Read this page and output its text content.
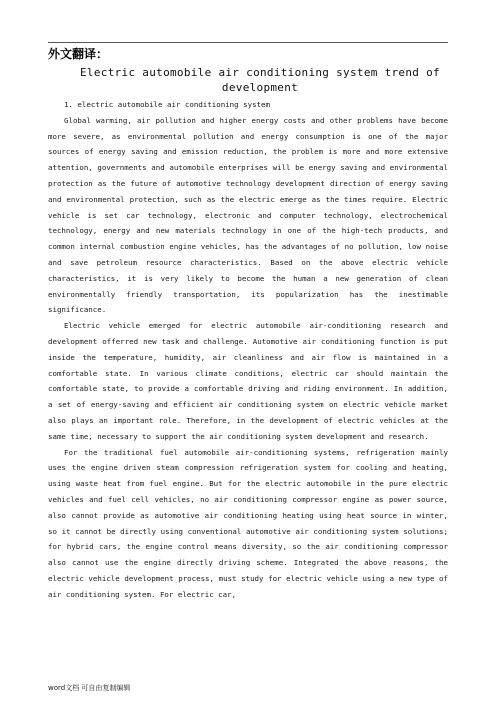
外文翻译：
Electric automobile air conditioning system trend of development

1. electric automobile air conditioning system

Global warming, air pollution and higher energy costs and other problems have become more severe, as environmental pollution and energy consumption is one of the major sources of energy saving and emission reduction, the problem is more and more extensive attention, governments and automobile enterprises will be energy saving and environmental protection as the future of automotive technology development direction of energy saving and environmental protection, such as the electric emerge as the times require. Electric vehicle is set car technology, electronic and computer technology, electrochemical technology, energy and new materials technology in one of the high-tech products, and common internal combustion engine vehicles, has the advantages of no pollution, low noise and save petroleum resource characteristics. Based on the above electric vehicle characteristics, it is very likely to become the human a new generation of clean environmentally friendly transportation, its popularization has the inestimable significance.

Electric vehicle emerged for electric automobile air-conditioning research and development offerred new task and challenge. Automotive air conditioning function is put inside the temperature, humidity, air cleanliness and air flow is maintained in a comfortable state. In various climate conditions, electric car should maintain the comfortable state, to provide a comfortable driving and riding environment. In addition, a set of energy-saving and efficient air conditioning system on electric vehicle market also plays an important role. Therefore, in the development of electric vehicles at the same time, necessary to support the air conditioning system development and research.

For the traditional fuel automobile air-conditioning systems, refrigeration mainly uses the engine driven steam compression refrigeration system for cooling and heating, using waste heat from fuel engine. But for the electric automobile in the pure electric vehicles and fuel cell vehicles, no air conditioning compressor engine as power source, also cannot provide as automotive air conditioning heating using heat source in winter, so it cannot be directly using conventional automotive air conditioning system solutions; for hybrid cars, the engine control means diversity, so the air conditioning compressor also cannot use the engine directly driving scheme. Integrated the above reasons, the electric vehicle development process, must study for electric vehicle using a new type of air conditioning system. For electric car,

word文档 可自由复制编辑
